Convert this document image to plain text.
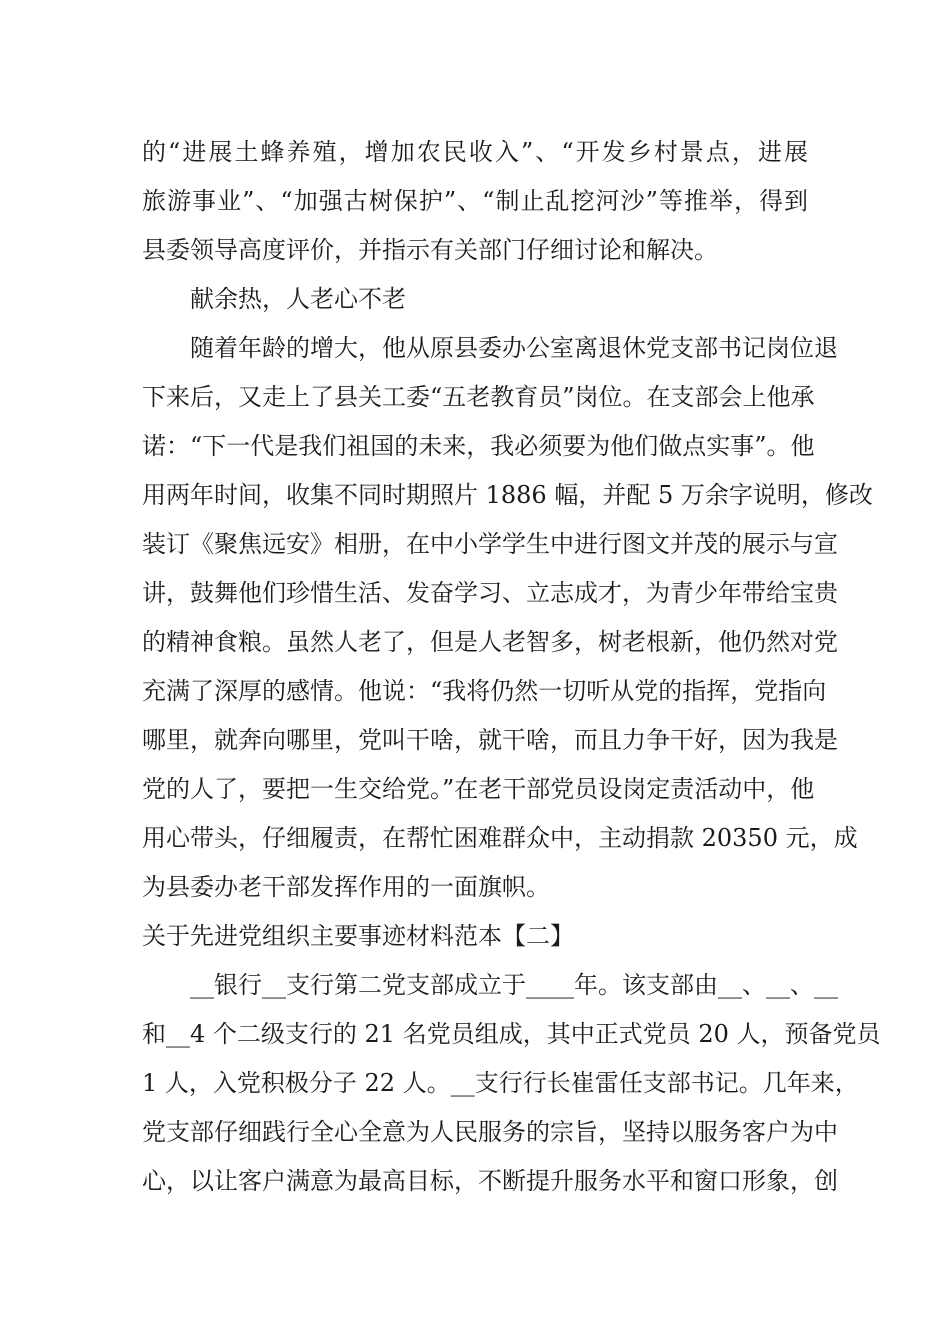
的“进展土蜂养殖，增加农民收入”、“开发乡村景点，进展
旅游事业”、“加强古树保护”、“制止乱挖河沙”等推举，得到
县委领导高度评价，并指示有关部门仔细讨论和解决。
献余热，人老心不老
随着年龄的增大，他从原县委办公室离退休党支部书记岗位退
下来后，又走上了县关工委“五老教育员”岗位。在支部会上他承
诺：“下一代是我们祖国的未来，我必须要为他们做点实事”。他
用两年时间，收集不同时期照片 1886 幅，并配 5 万余字说明，修改
装订《聚焦远安》相册，在中小学学生中进行图文并茂的展示与宣
讲，鼓舞他们珍惜生活、发奋学习、立志成才，为青少年带给宝贵
的精神食粮。虽然人老了，但是人老智多，树老根新，他仍然对党
充满了深厚的感情。他说：“我将仍然一切听从党的指挥，党指向
哪里，就奔向哪里，党叫干啥，就干啥，而且力争干好，因为我是
党的人了，要把一生交给党。”在老干部党员设岗定责活动中，他
用心带头，仔细履责，在帮忙困难群众中，主动捐款 20350 元，成
为县委办老干部发挥作用的一面旗帜。
关于先进党组织主要事迹材料范本【二】
__银行__支行第二党支部成立于____年。该支部由__、__、__
和__4 个二级支行的 21 名党员组成，其中正式党员 20 人，预备党员
1 人，入党积极分子 22 人。__支行行长崔雷任支部书记。几年来，
党支部仔细践行全心全意为人民服务的宗旨，坚持以服务客户为中
心，以让客户满意为最高目标，不断提升服务水平和窗口形象，创
